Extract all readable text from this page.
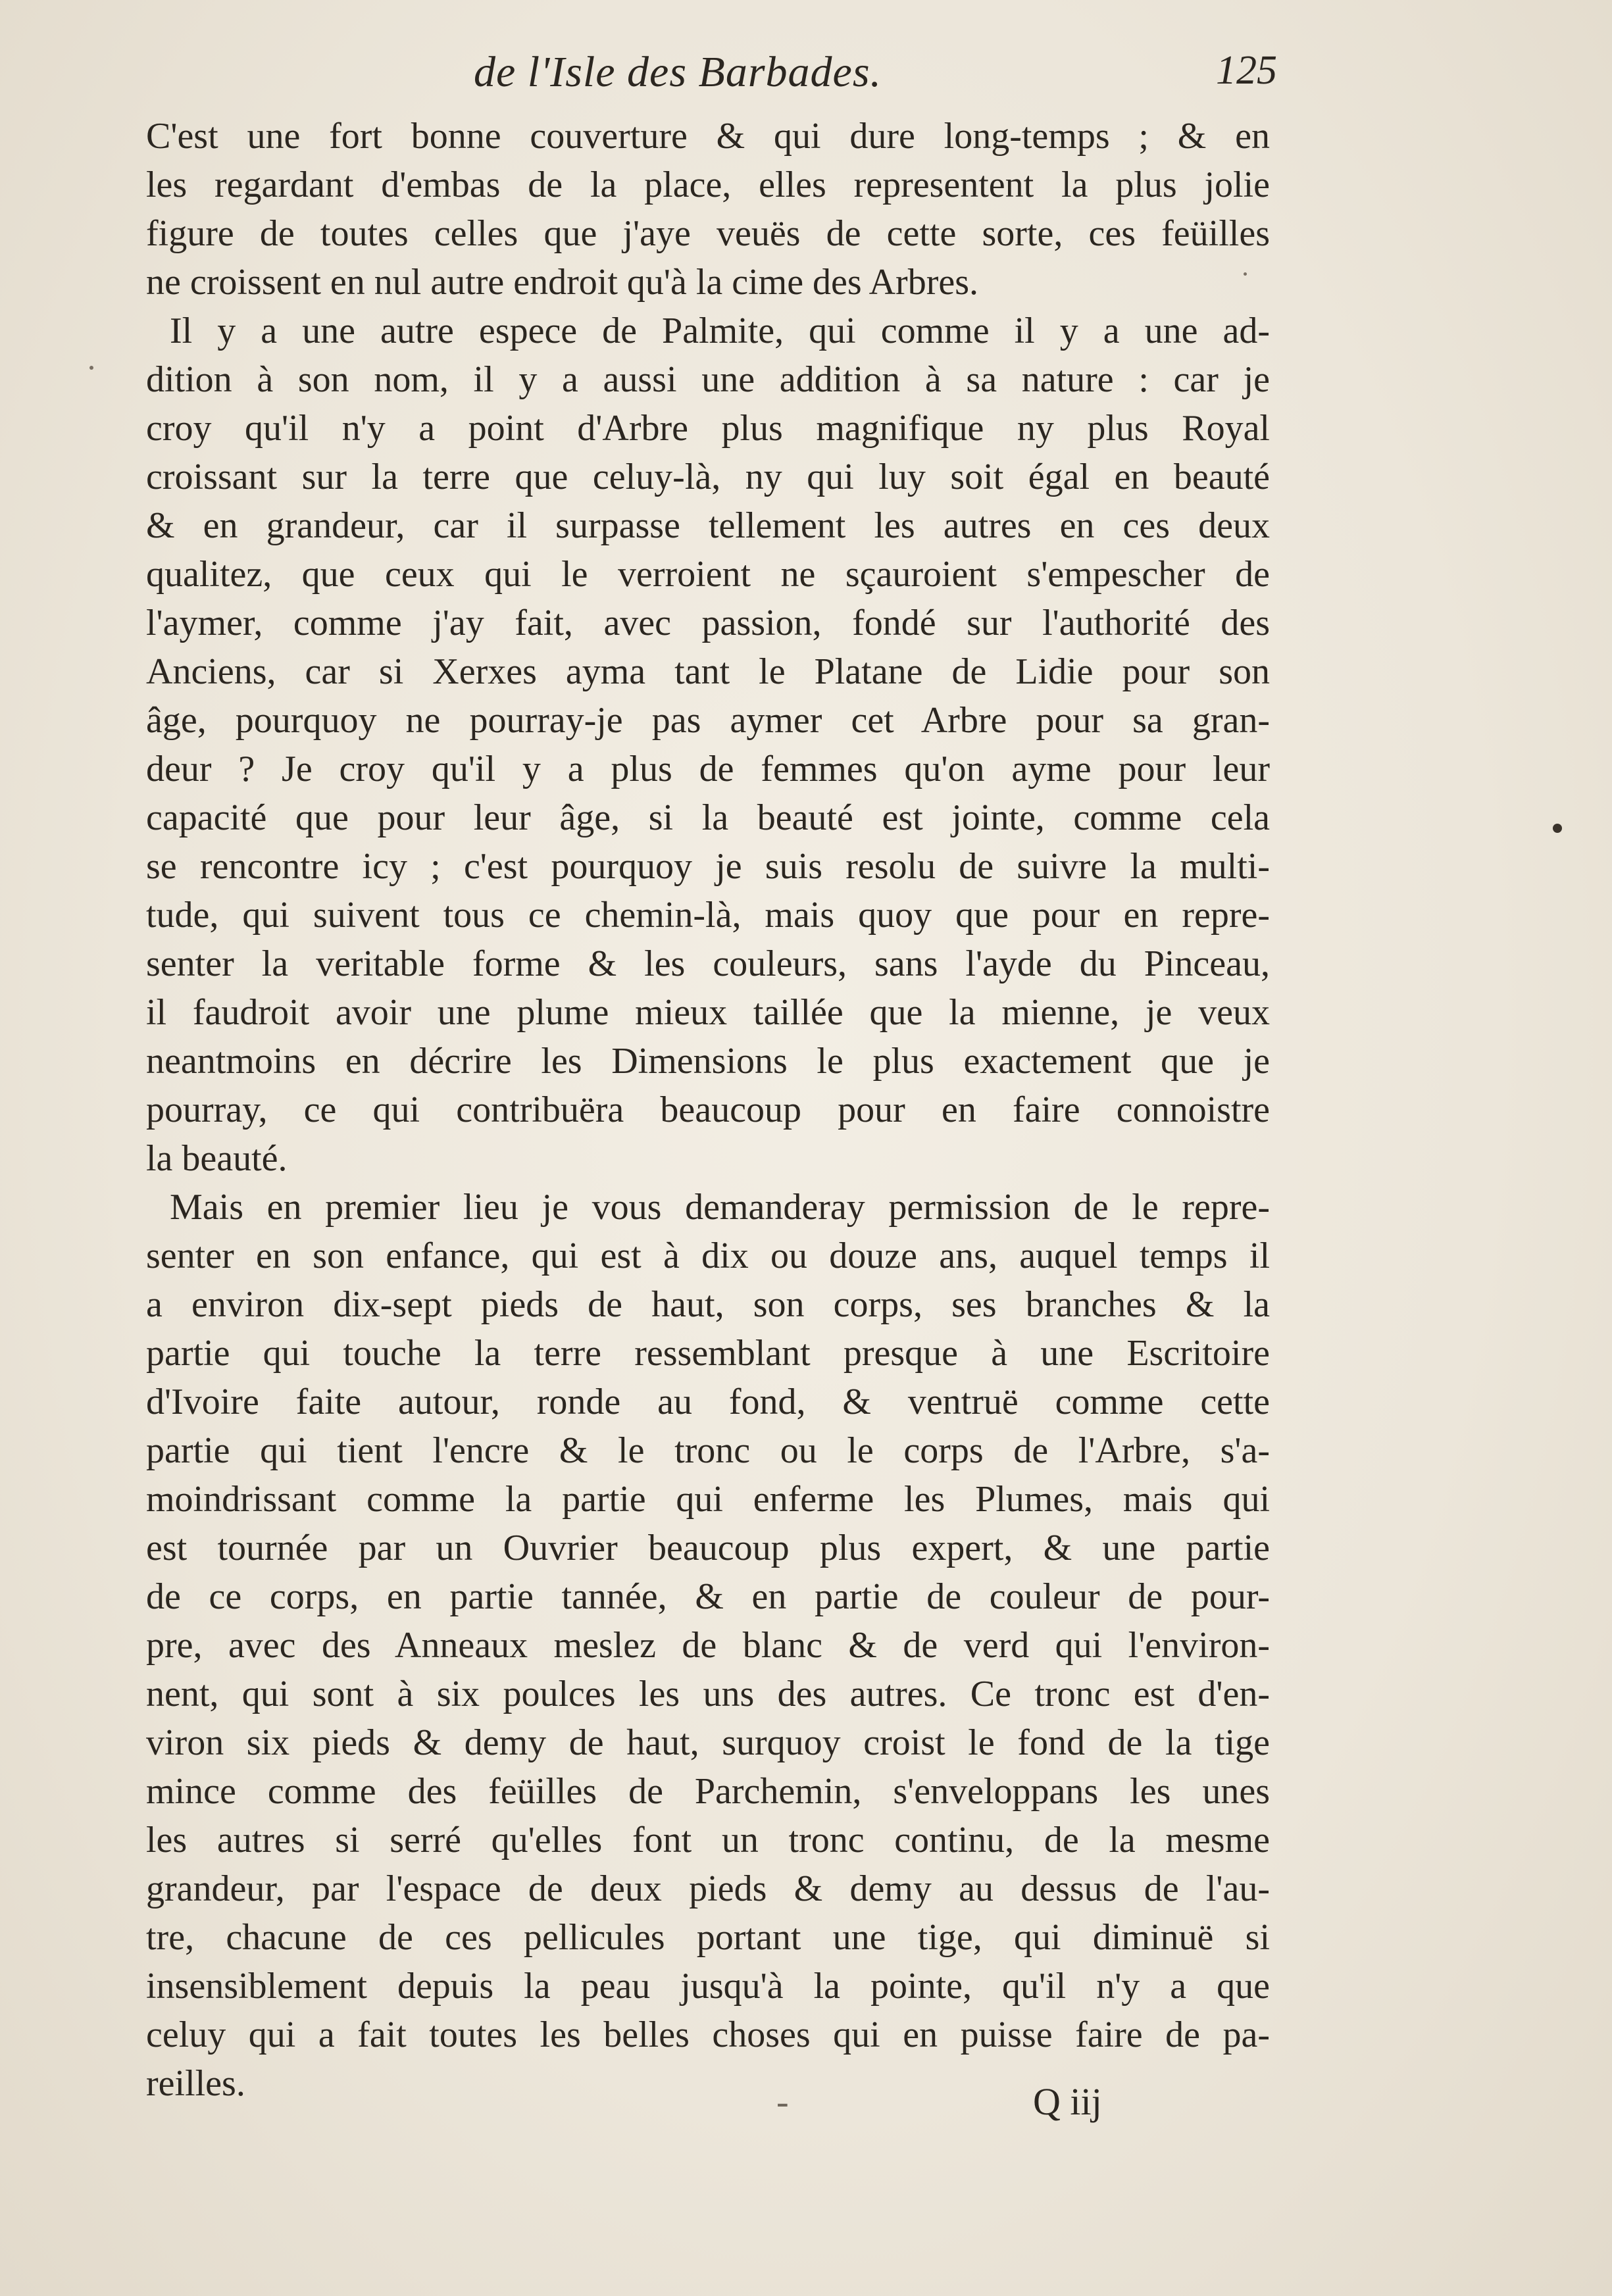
de l'Isle des Barbades.	125
C'est une fort bonne couverture & qui dure long-temps ; & en
les regardant d'embas de la place, elles representent la plus jolie
figure de toutes celles que j'aye veuës de cette sorte, ces feüilles
ne croissent en nul autre endroit qu'à la cime des Arbres.
Il y a une autre espece de Palmite, qui comme il y a une ad-
dition à son nom, il y a aussi une addition à sa nature : car je
croy qu'il n'y a point d'Arbre plus magnifique ny plus Royal
croissant sur la terre que celuy-là, ny qui luy soit égal en beauté
& en grandeur, car il surpasse tellement les autres en ces deux
qualitez, que ceux qui le verroient ne sçauroient s'empescher de
l'aymer, comme j'ay fait, avec passion, fondé sur l'authorité des
Anciens, car si Xerxes ayma tant le Platane de Lidie pour son
âge, pourquoy ne pourray-je pas aymer cet Arbre pour sa gran-
deur ? Je croy qu'il y a plus de femmes qu'on ayme pour leur
capacité que pour leur âge, si la beauté est jointe, comme cela
se rencontre icy ; c'est pourquoy je suis resolu de suivre la multi-
tude, qui suivent tous ce chemin-là, mais quoy que pour en repre-
senter la veritable forme & les couleurs, sans l'ayde du Pinceau,
il faudroit avoir une plume mieux taillée que la mienne, je veux
neantmoins en décrire les Dimensions le plus exactement que je
pourray, ce qui contribuëra beaucoup pour en faire connoistre
la beauté.
Mais en premier lieu je vous demanderay permission de le repre-
senter en son enfance, qui est à dix ou douze ans, auquel temps il
a environ dix-sept pieds de haut, son corps, ses branches & la
partie qui touche la terre ressemblant presque à une Escritoire
d'Ivoire faite autour, ronde au fond, & ventruë comme cette
partie qui tient l'encre & le tronc ou le corps de l'Arbre, s'a-
moindrissant comme la partie qui enferme les Plumes, mais qui
est tournée par un Ouvrier beaucoup plus expert, & une partie
de ce corps, en partie tannée, & en partie de couleur de pour-
pre, avec des Anneaux meslez de blanc & de verd qui l'environ-
nent, qui sont à six poulces les uns des autres. Ce tronc est d'en-
viron six pieds & demy de haut, surquoy croist le fond de la tige
mince comme des feüilles de Parchemin, s'enveloppans les unes
les autres si serré qu'elles font un tronc continu, de la mesme
grandeur, par l'espace de deux pieds & demy au dessus de l'au-
tre, chacune de ces pellicules portant une tige, qui diminuë si
insensiblement depuis la peau jusqu'à la pointe, qu'il n'y a que
celuy qui a fait toutes les belles choses qui en puisse faire de pa-
reilles.	-	Q iij
